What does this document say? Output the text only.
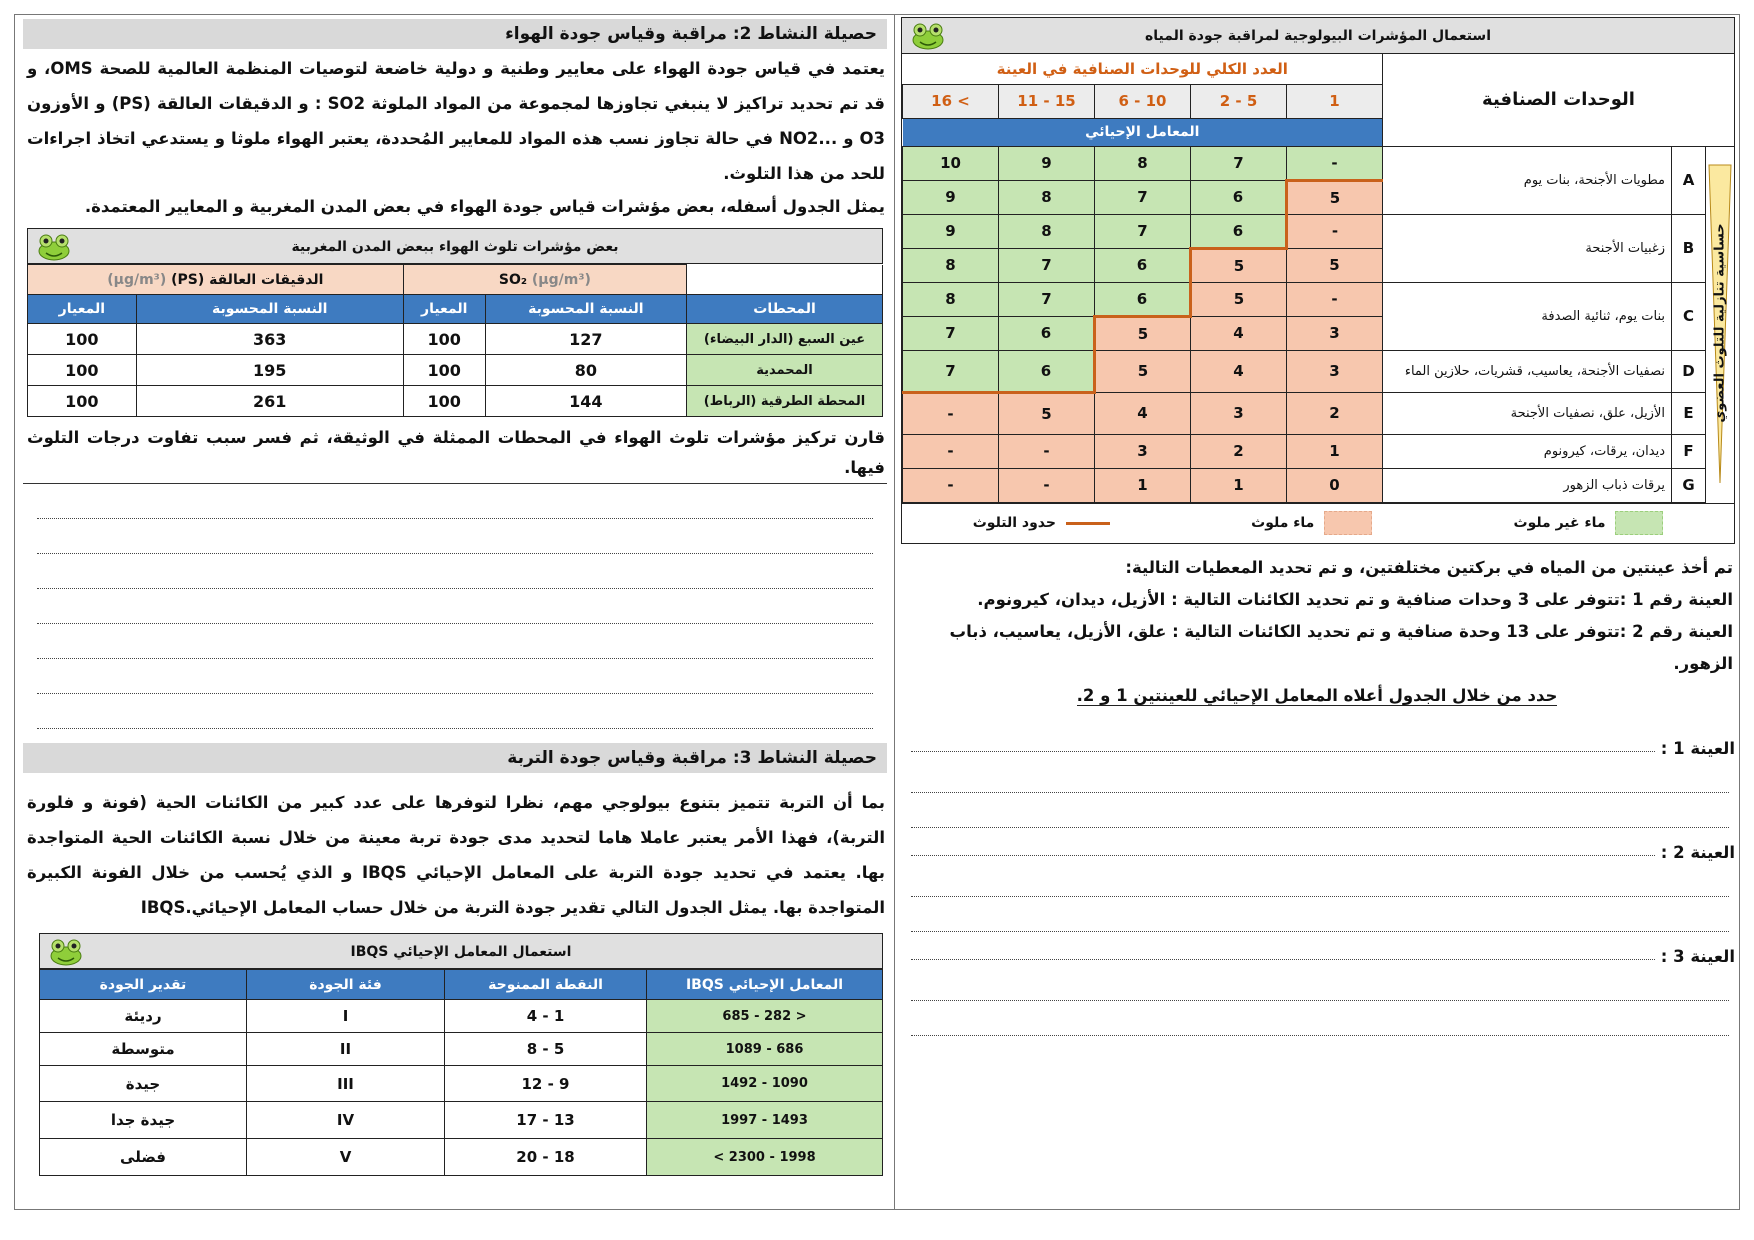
حصيلة النشاط 2: مراقبة وقياس جودة الهواء

يعتمد في قياس جودة الهواء على معايير وطنية و دولية خاضعة لتوصيات المنظمة العالمية للصحة OMS، و قد تم تحديد تراكيز لا ينبغي تجاوزها لمجموعة من المواد الملوثة SO2 : و الدقيقات العالقة (PS) و الأوزون O3 و ...NO2 في حالة تجاوز نسب هذه المواد للمعايير المُحددة، يعتبر الهواء ملوثا و يستدعي اتخاذ اجراءات للحد من هذا التلوث.

يمثل الجدول أسفله، بعض مؤشرات قياس جودة الهواء في بعض المدن المغربية و المعايير المعتمدة.

بعض مؤشرات تلوث الهواء ببعض المدن المغربية
	SO₂ (µg/m³)		الدقيقات العالقة (PS) (µg/m³)	
المحطات	النسبة المحسوبة	المعيار	النسبة المحسوبة	المعيار
عين السبع (الدار البيضاء)	127	100	363	100
المحمدية	80	100	195	100
المحطة الطرقية (الرباط)	144	100	261	100

قارن تركيز مؤشرات تلوث الهواء في المحطات الممثلة في الوثيقة، ثم فسر سبب تفاوت درجات التلوث فيها.

حصيلة النشاط 3: مراقبة وقياس جودة التربة

بما أن التربة تتميز بتنوع بيولوجي مهم، نظرا لتوفرها على عدد كبير من الكائنات الحية (فونة و فلورة التربة)، فهذا الأمر يعتبر عاملا هاما لتحديد مدى جودة تربة معينة من خلال نسبة الكائنات الحية المتواجدة بها. يعتمد في تحديد جودة التربة على المعامل الإحيائي IBQS و الذي يُحسب من خلال الفونة الكبيرة المتواجدة بها. يمثل الجدول التالي تقدير جودة التربة من خلال حساب المعامل الإحيائي.IBQS

استعمال المعامل الإحيائي IBQS
المعامل الإحيائي IBQS	النقطة الممنوحة	فئة الجودة	تقدير الجودة
< 282 - 685	1 - 4	I	رديئة
686 - 1089	5 - 8	II	متوسطة
1090 - 1492	9 - 12	III	جيدة
1493 - 1997	13 - 17	IV	جيدة جدا
1998 - 2300 >	18 - 20	V	فضلى
استعمال المؤشرات البيولوجية لمراقبة جودة المياه
الوحدات الصنافية			العدد الكلي للوحدات الصنافية في العينة				
			1	5 - 2	10 - 6	15 - 11	> 16
			المعامل الإحيائي				

حساسية تنازلية للتلوث العضوي	A	مطويات الأجنحة، بنات يوم	-	7	8	9	10
			5	6	7	8	9
	B	زغبيات الأجنحة	-	6	7	8	9
			5	5	6	7	8
	C	بنات يوم، ثنائية الصدفة	-	5	6	7	8
			3	4	5	6	7
	D	نصفيات الأجنحة، يعاسيب، قشريات، حلازين الماء	3	4	5	6	7
	E	الأزيل، علق، نصفيات الأجنحة	2	3	4	5	-
	F	ديدان، يرقات، كيرونوم	1	2	3	-	-
	G	يرقات ذباب الزهور	0	1	1	-	-
ماء غير ملوث
ماء ملوث
حدود التلوث
تم أخذ عينتين من المياه في بركتين مختلفتين، و تم تحديد المعطيات التالية:
العينة رقم 1 :تتوفر على 3 وحدات صنافية و تم تحديد الكائنات التالية : الأزيل، ديدان، كيرونوم.
العينة رقم 2 :تتوفر على 13 وحدة صنافية و تم تحديد الكائنات التالية : علق، الأزيل، يعاسيب، ذباب الزهور.
حدد من خلال الجدول أعلاه المعامل الإحيائي للعينتين 1 و 2.
العينة 1 :
العينة 2 :
العينة 3 :
